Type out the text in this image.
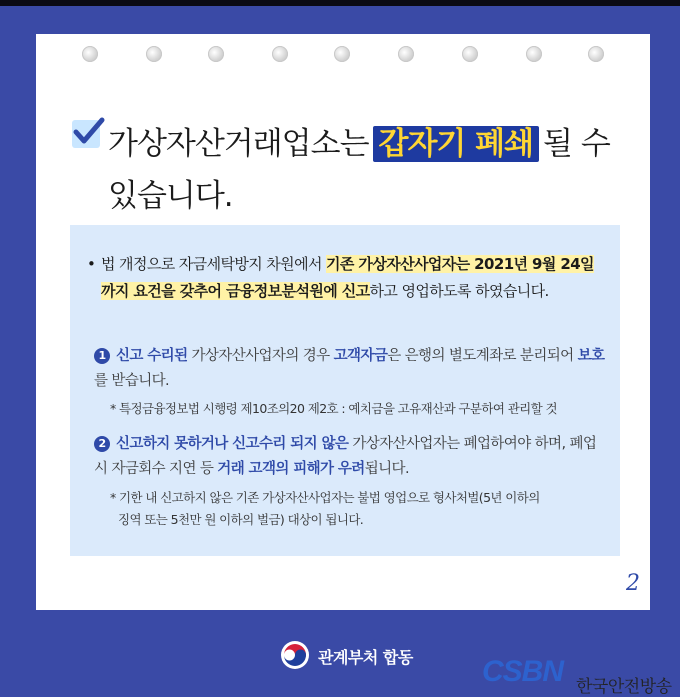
가상자산거래업소는 갑자기 폐쇄 될 수
있습니다.
• 법 개정으로 자금세탁방지 차원에서 기존 가상자산사업자는 2021년 9월 24일까지 요건을 갖추어 금융정보분석원에 신고하고 영업하도록 하였습니다.
1 신고 수리된 가상자산사업자의 경우 고객자금은 은행의 별도계좌로 분리되어 보호를 받습니다.
* 특정금융정보법 시행령 제10조의20 제2호 : 예치금을 고유재산과 구분하여 관리할 것
2 신고하지 못하거나 신고수리 되지 않은 가상자산사업자는 폐업하여야 하며, 폐업 시 자금회수 지연 등 거래 고객의 피해가 우려됩니다.
* 기한 내 신고하지 않은 기존 가상자산사업자는 불법 영업으로 형사처벌(5년 이하의
징역 또는 5천만 원 이하의 벌금) 대상이 됩니다.
2
관계부처 합동 CSBN 한국안전방송
